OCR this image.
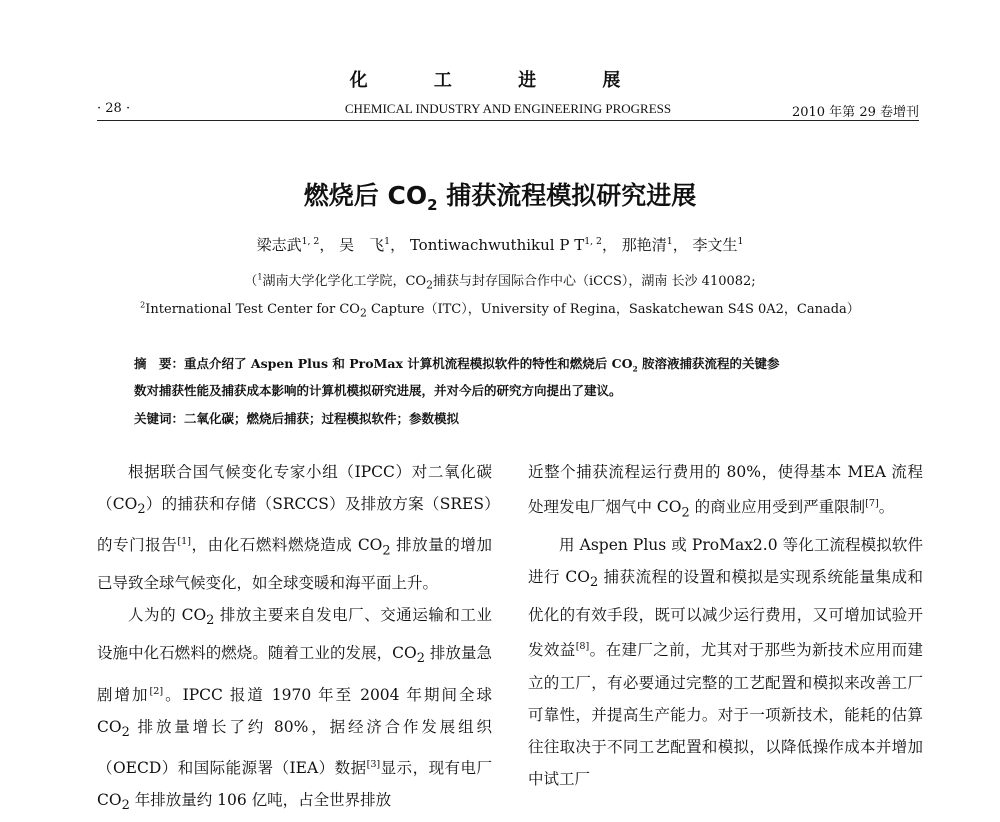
化 工 进 展
· 28 ·	CHEMICAL INDUSTRY AND ENGINEERING PROGRESS	2010 年第 29 卷增刊
燃烧后 $CO_2$ 捕获流程模拟研究进展
梁志武$^{1, 2}$， 吴　飞$^1$， Tontiwachwuthikul P T$^{1, 2}$， 那艳清$^1$， 李文生$^1$
（$^1$湖南大学化学化工学院，$CO_2$捕获与封存国际合作中心（iCCS），湖南 长沙 410082;
$^2$International Test Center for $CO_2$ Capture（ITC），University of Regina，Saskatchewan S4S 0A2，Canada）
摘　要：重点介绍了 Aspen Plus 和 ProMax 计算机流程模拟软件的特性和燃烧后 $CO_2$ 胺溶液捕获流程的关键参
数对捕获性能及捕获成本影响的计算机模拟研究进展，并对今后的研究方向提出了建议。
关键词：二氧化碳；燃烧后捕获；过程模拟软件；参数模拟

根据联合国气候变化专家小组（IPCC）对二氧化碳$(CO_2)$的捕获和存储（SRCCS）及排放方案（SRES）的专门报告[1]，由化石燃料燃烧造成 $CO_2$ 排放量的增加已导致全球气候变化，如全球变暖和海平面上升。

人为的 $CO_2$ 排放主要来自发电厂、交通运输和工业设施中化石燃料的燃烧。随着工业的发展，$CO_2$ 排放量急剧增加[2]。IPCC 报道 1970 年至 2004 年期间全球 $CO_2$ 排放量增长了约 80%，据经济合作发展组织（OECD）和国际能源署（IEA）数据[3]显示，现有电厂 $CO_2$ 年排放量约 106 亿吨，占全世界排放

近整个捕获流程运行费用的 80%，使得基本 MEA 流程处理发电厂烟气中 $CO_2$ 的商业应用受到严重限制[7]。

用 Aspen Plus 或 ProMax2.0 等化工流程模拟软件进行 $CO_2$ 捕获流程的设置和模拟是实现系统能量集成和优化的有效手段，既可以减少运行费用，又可增加试验开发效益[8]。在建厂之前，尤其对于那些为新技术应用而建立的工厂，有必要通过完整的工艺配置和模拟来改善工厂可靠性，并提高生产能力。对于一项新技术，能耗的估算往往取决于不同工艺配置和模拟，以降低操作成本并增加中试工厂
